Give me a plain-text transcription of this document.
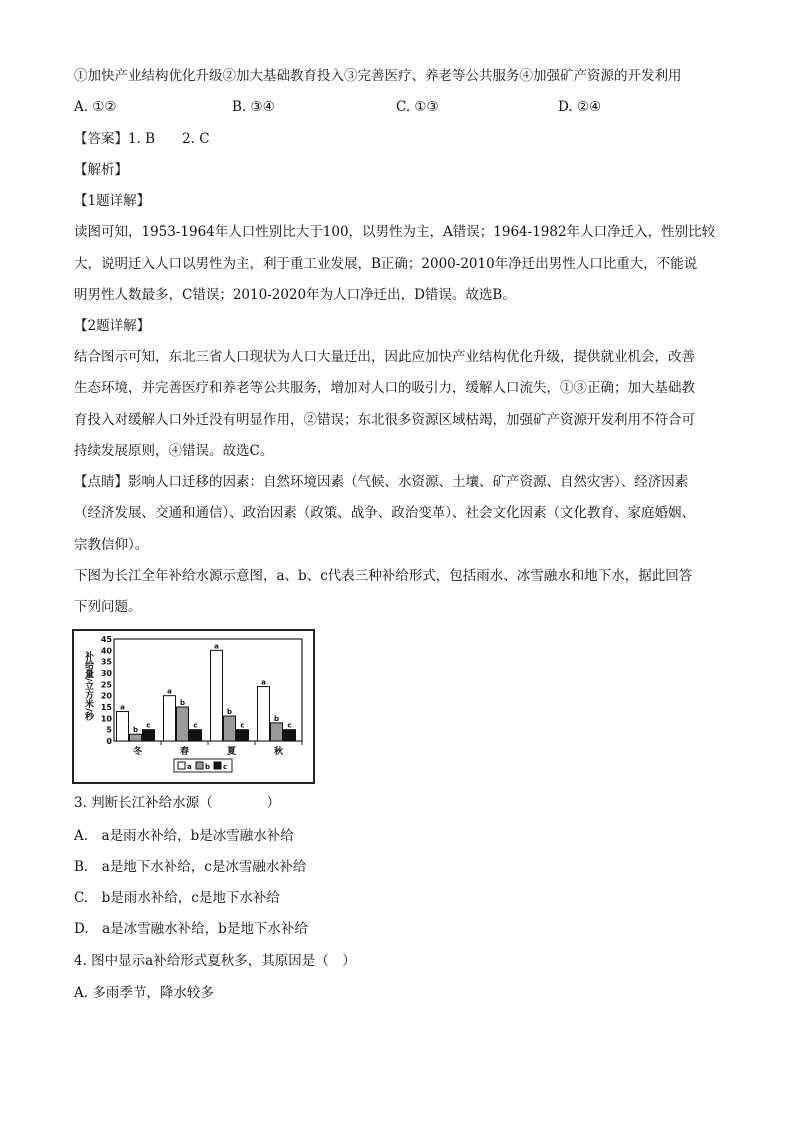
①加快产业结构优化升级②加大基础教育投入③完善医疗、养老等公共服务④加强矿产资源的开发利用
A. ①②	B. ③④	C. ①③	D. ②④
【答案】1. B　　2. C
【解析】
【1题详解】
读图可知，1953-1964年人口性别比大于100，以男性为主，A错误；1964-1982年人口净迁入，性别比较
大，说明迁入人口以男性为主，利于重工业发展，B正确；2000-2010年净迁出男性人口比重大，不能说
明男性人数最多，C错误；2010-2020年为人口净迁出，D错误。故选B。
【2题详解】
结合图示可知，东北三省人口现状为人口大量迁出，因此应加快产业结构优化升级，提供就业机会，改善
生态环境，并完善医疗和养老等公共服务，增加对人口的吸引力，缓解人口流失，①③正确；加大基础教
育投入对缓解人口外迁没有明显作用，②错误；东北很多资源区域枯竭，加强矿产资源开发利用不符合可
持续发展原则，④错误。故选C。
【点睛】影响人口迁移的因素：自然环境因素（气候、水资源、土壤、矿产资源、自然灾害）、经济因素
（经济发展、交通和通信）、政治因素（政策、战争、政治变革）、社会文化因素（文化教育、家庭婚姻、
宗教信仰）。
下图为长江全年补给水源示意图，a、b、c代表三种补给形式，包括雨水、冰雪融水和地下水，据此回答
下列问题。
45
40
35
30
25
20
15
10
5
0
补给量/立方米/秒	a
b
c
冬
a
b
c
春
a
b
c
夏
a
b
c
秋
a b c
3. 判断长江补给水源（　　　　）
A.　a是雨水补给，b是冰雪融水补给
B.　a是地下水补给，c是冰雪融水补给
C.　b是雨水补给，c是地下水补给
D.　a是冰雪融水补给，b是地下水补给
4. 图中显示a补给形式夏秋多，其原因是（　）
A. 多雨季节，降水较多
